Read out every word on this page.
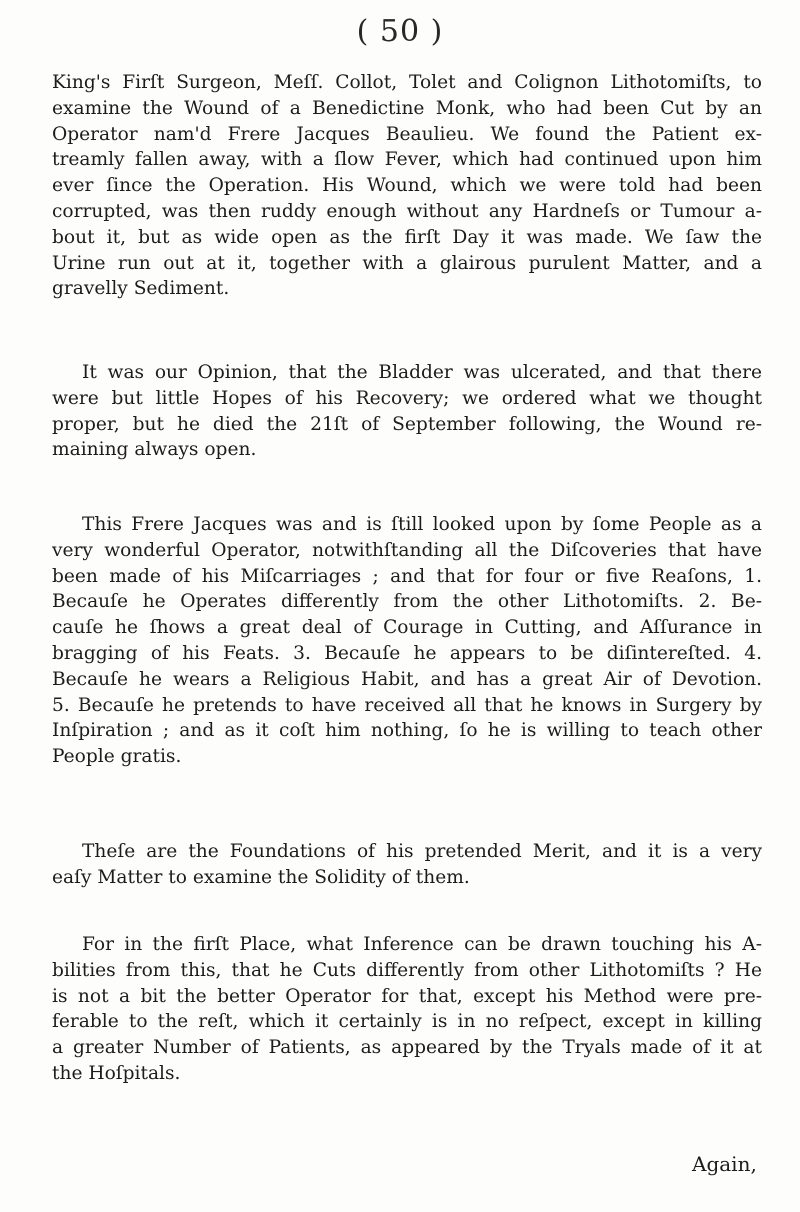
( 50 )
King's Firſt Surgeon, Meſſ. Collot, Tolet and Colignon Lithotomiſts, to
examine the Wound of a Benedictine Monk, who had been Cut by an
Operator nam'd Frere Jacques Beaulieu. We found the Patient ex-
treamly fallen away, with a ſlow Fever, which had continued upon him
ever ſince the Operation. His Wound, which we were told had been
corrupted, was then ruddy enough without any Hardneſs or Tumour a-
bout it, but as wide open as the firſt Day it was made. We ſaw the
Urine run out at it, together with a glairous purulent Matter, and a
gravelly Sediment.
It was our Opinion, that the Bladder was ulcerated, and that there
were but little Hopes of his Recovery; we ordered what we thought
proper, but he died the 21ſt of September following, the Wound re-
maining always open.
This Frere Jacques was and is ſtill looked upon by ſome People as a
very wonderful Operator, notwithſtanding all the Diſcoveries that have
been made of his Miſcarriages ; and that for four or five Reaſons, 1.
Becauſe he Operates differently from the other Lithotomiſts. 2. Be-
cauſe he ſhows a great deal of Courage in Cutting, and Aſſurance in
bragging of his Feats. 3. Becauſe he appears to be diſintereſted. 4.
Becauſe he wears a Religious Habit, and has a great Air of Devotion.
5. Becauſe he pretends to have received all that he knows in Surgery by
Inſpiration ; and as it coſt him nothing, ſo he is willing to teach other
People gratis.
Theſe are the Foundations of his pretended Merit, and it is a very
eaſy Matter to examine the Solidity of them.
For in the firſt Place, what Inference can be drawn touching his A-
bilities from this, that he Cuts differently from other Lithotomiſts ? He
is not a bit the better Operator for that, except his Method were pre-
ferable to the reſt, which it certainly is in no reſpect, except in killing
a greater Number of Patients, as appeared by the Tryals made of it at
the Hoſpitals.
Again,
